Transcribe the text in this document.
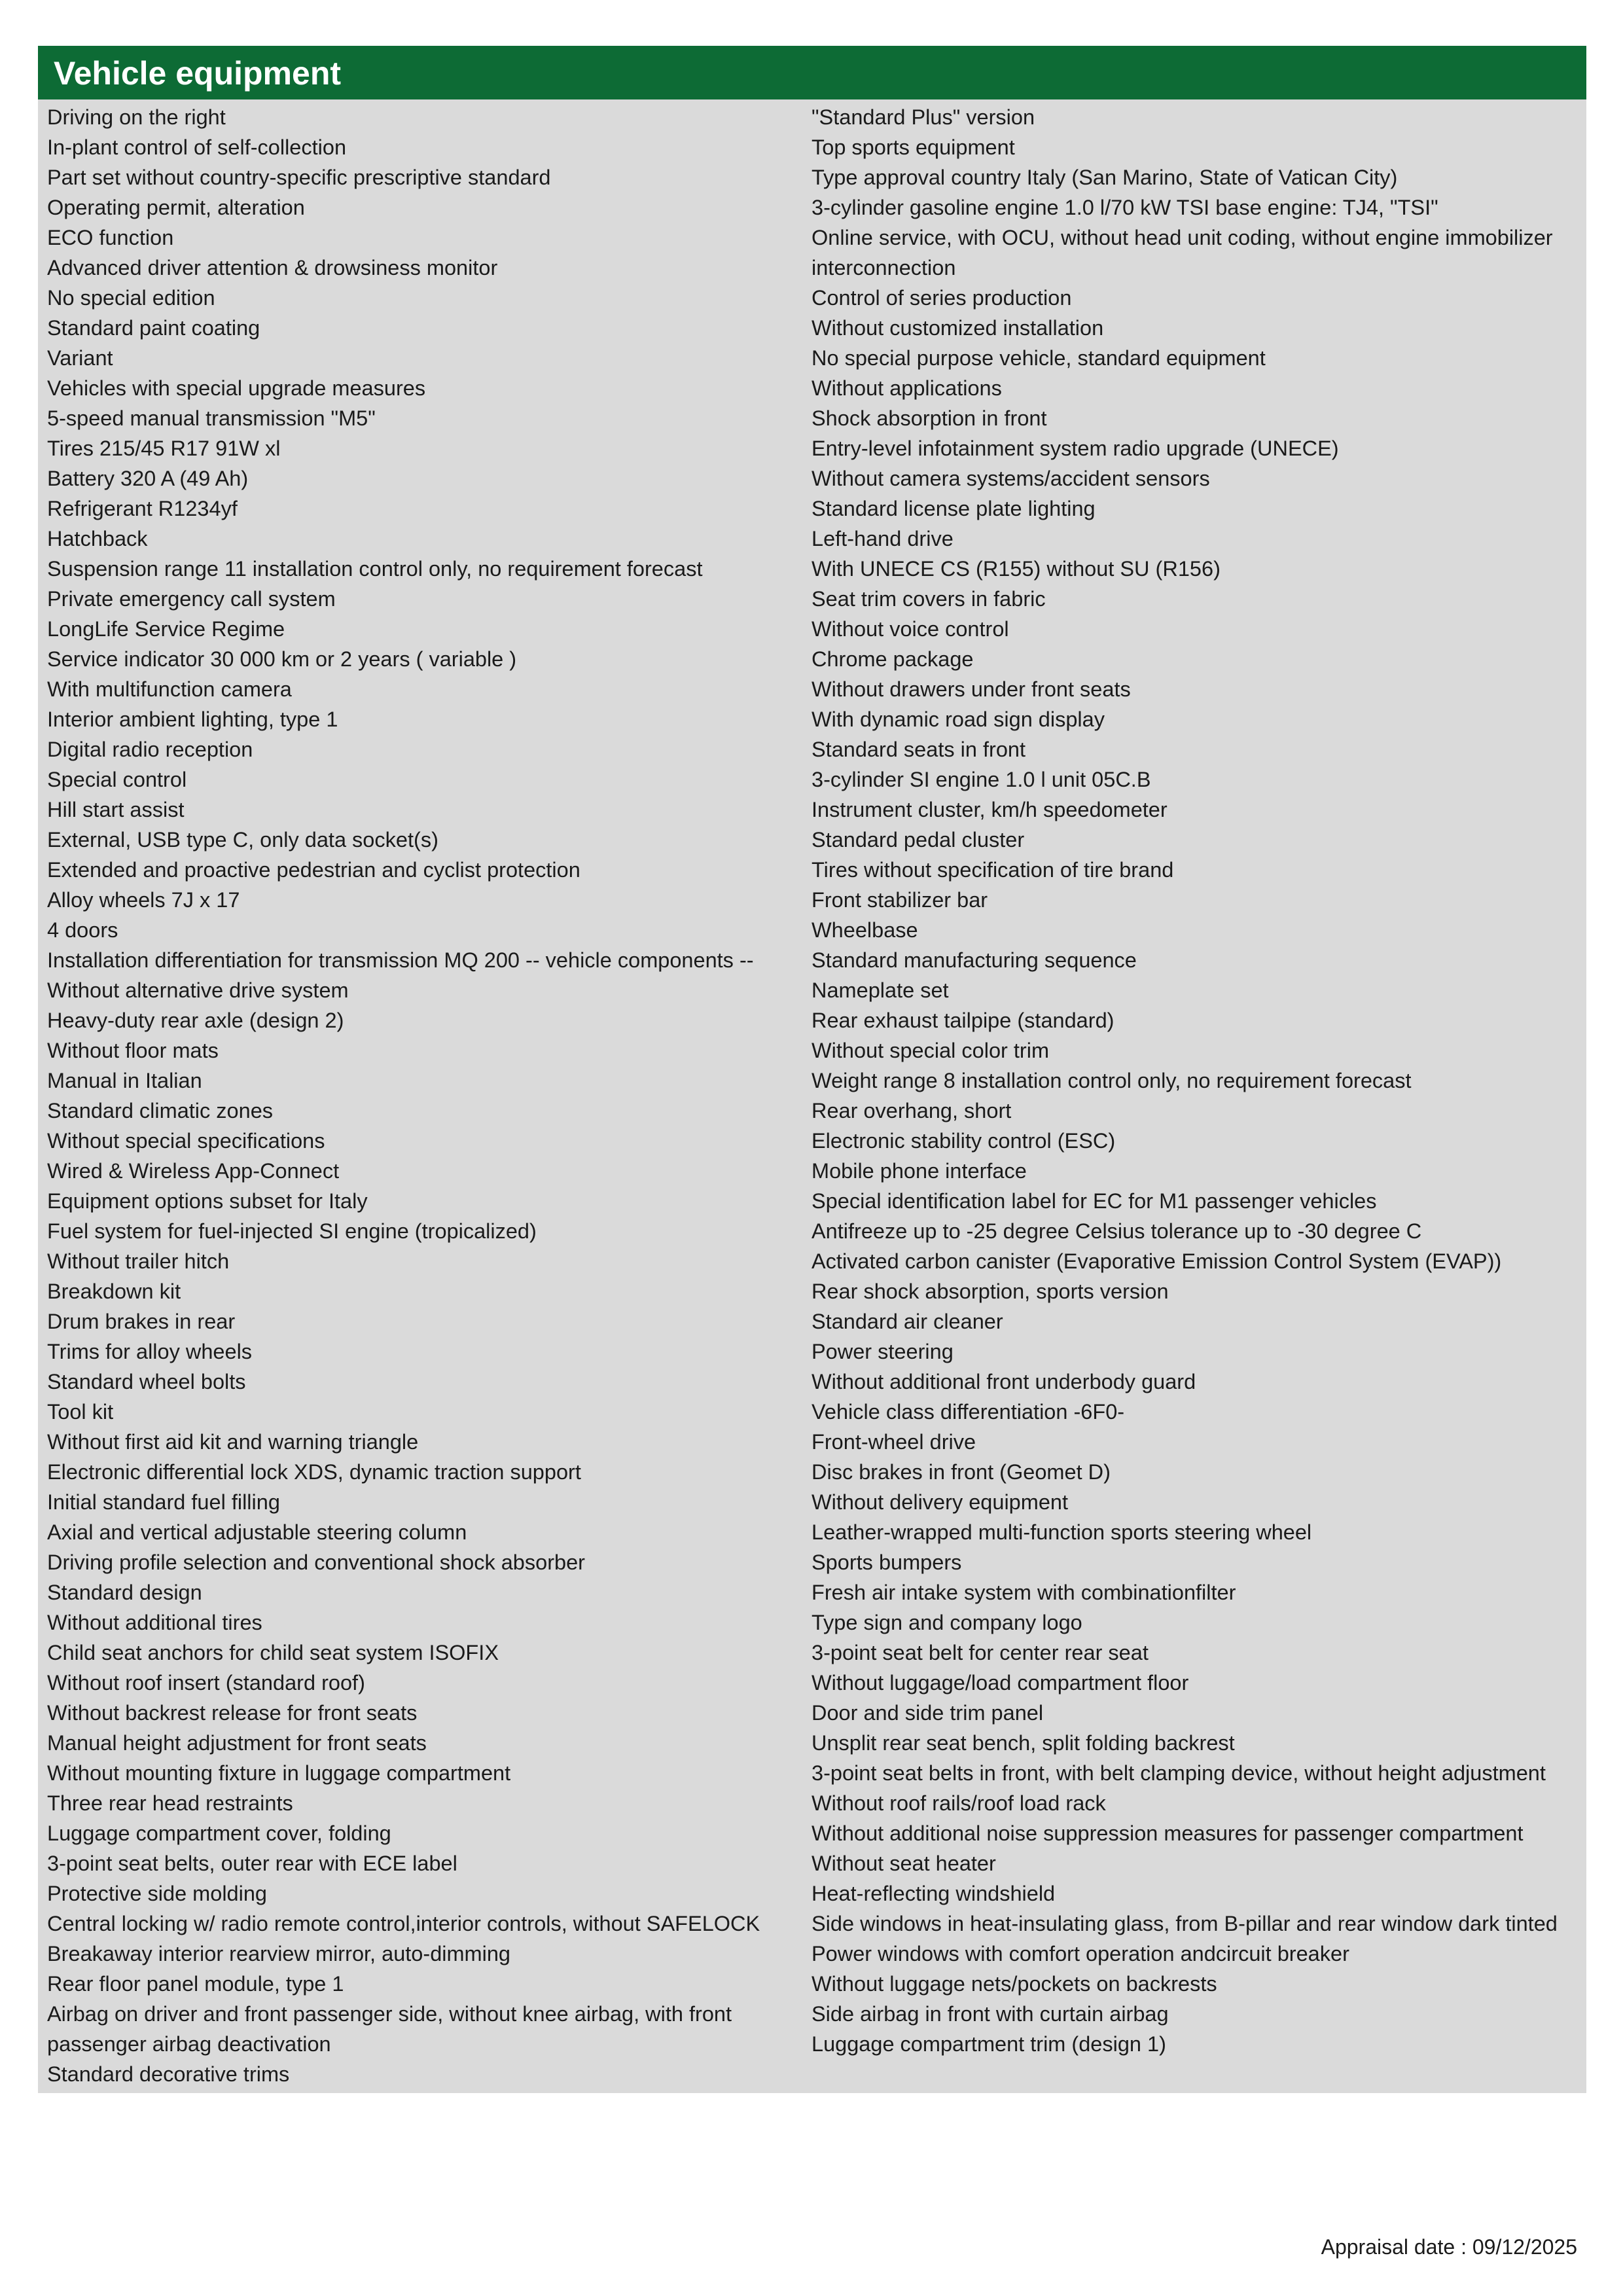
Vehicle equipment
Driving on the right
In-plant control of self-collection
Part set without country-specific prescriptive standard
Operating permit, alteration
ECO function
Advanced driver attention & drowsiness monitor
No special edition
Standard paint coating
Variant
Vehicles with special upgrade measures
5-speed manual transmission "M5"
Tires 215/45 R17 91W xl
Battery 320 A (49 Ah)
Refrigerant R1234yf
Hatchback
Suspension range 11 installation control only, no requirement forecast
Private emergency call system
LongLife Service Regime
Service indicator 30 000 km or 2 years ( variable )
With multifunction camera
Interior ambient lighting, type 1
Digital radio reception
Special control
Hill start assist
External, USB type C, only data socket(s)
Extended and proactive pedestrian and cyclist protection
Alloy wheels 7J x 17
4 doors
Installation differentiation for transmission MQ 200 -- vehicle components --
Without alternative drive system
Heavy-duty rear axle (design 2)
Without floor mats
Manual in Italian
Standard climatic zones
Without special specifications
Wired & Wireless App-Connect
Equipment options subset for Italy
Fuel system for fuel-injected SI engine (tropicalized)
Without trailer hitch
Breakdown kit
Drum brakes in rear
Trims for alloy wheels
Standard wheel bolts
Tool kit
Without first aid kit and warning triangle
Electronic differential lock XDS, dynamic traction support
Initial standard fuel filling
Axial and vertical adjustable steering column
Driving profile selection and conventional shock absorber
Standard design
Without additional tires
Child seat anchors for child seat system ISOFIX
Without roof insert (standard roof)
Without backrest release for front seats
Manual height adjustment for front seats
Without mounting fixture in luggage compartment
Three rear head restraints
Luggage compartment cover, folding
3-point seat belts, outer rear with ECE label
Protective side molding
Central locking w/ radio remote control,interior controls, without SAFELOCK
Breakaway interior rearview mirror, auto-dimming
Rear floor panel module, type 1
Airbag on driver and front passenger side, without knee airbag, with front passenger airbag deactivation
Standard decorative trims
"Standard Plus" version
Top sports equipment
Type approval country Italy (San Marino, State of Vatican City)
3-cylinder gasoline engine 1.0 l/70 kW TSI base engine: TJ4, "TSI"
Online service, with OCU, without head unit coding, without engine immobilizer interconnection
Control of series production
Without customized installation
No special purpose vehicle, standard equipment
Without applications
Shock absorption in front
Entry-level infotainment system radio upgrade (UNECE)
Without camera systems/accident sensors
Standard license plate lighting
Left-hand drive
With UNECE CS (R155) without SU (R156)
Seat trim covers in fabric
Without voice control
Chrome package
Without drawers under front seats
With dynamic road sign display
Standard seats in front
3-cylinder SI engine 1.0 l unit 05C.B
Instrument cluster, km/h speedometer
Standard pedal cluster
Tires without specification of tire brand
Front stabilizer bar
Wheelbase
Standard manufacturing sequence
Nameplate set
Rear exhaust tailpipe (standard)
Without special color trim
Weight range 8 installation control only, no requirement forecast
Rear overhang, short
Electronic stability control (ESC)
Mobile phone interface
Special identification label for EC for M1 passenger vehicles
Antifreeze up to -25 degree Celsius tolerance up to -30 degree C
Activated carbon canister (Evaporative Emission Control System (EVAP))
Rear shock absorption, sports version
Standard air cleaner
Power steering
Without additional front underbody guard
Vehicle class differentiation -6F0-
Front-wheel drive
Disc brakes in front (Geomet D)
Without delivery equipment
Leather-wrapped multi-function sports steering wheel
Sports bumpers
Fresh air intake system with combinationfilter
Type sign and company logo
3-point seat belt for center rear seat
Without luggage/load compartment floor
Door and side trim panel
Unsplit rear seat bench, split folding backrest
3-point seat belts in front, with belt clamping device, without height adjustment
Without roof rails/roof load rack
Without additional noise suppression measures for passenger compartment
Without seat heater
Heat-reflecting windshield
Side windows in heat-insulating glass, from B-pillar and rear window dark tinted
Power windows with comfort operation andcircuit breaker
Without luggage nets/pockets on backrests
Side airbag in front with curtain airbag
Luggage compartment trim (design 1)
Appraisal date : 09/12/2025
